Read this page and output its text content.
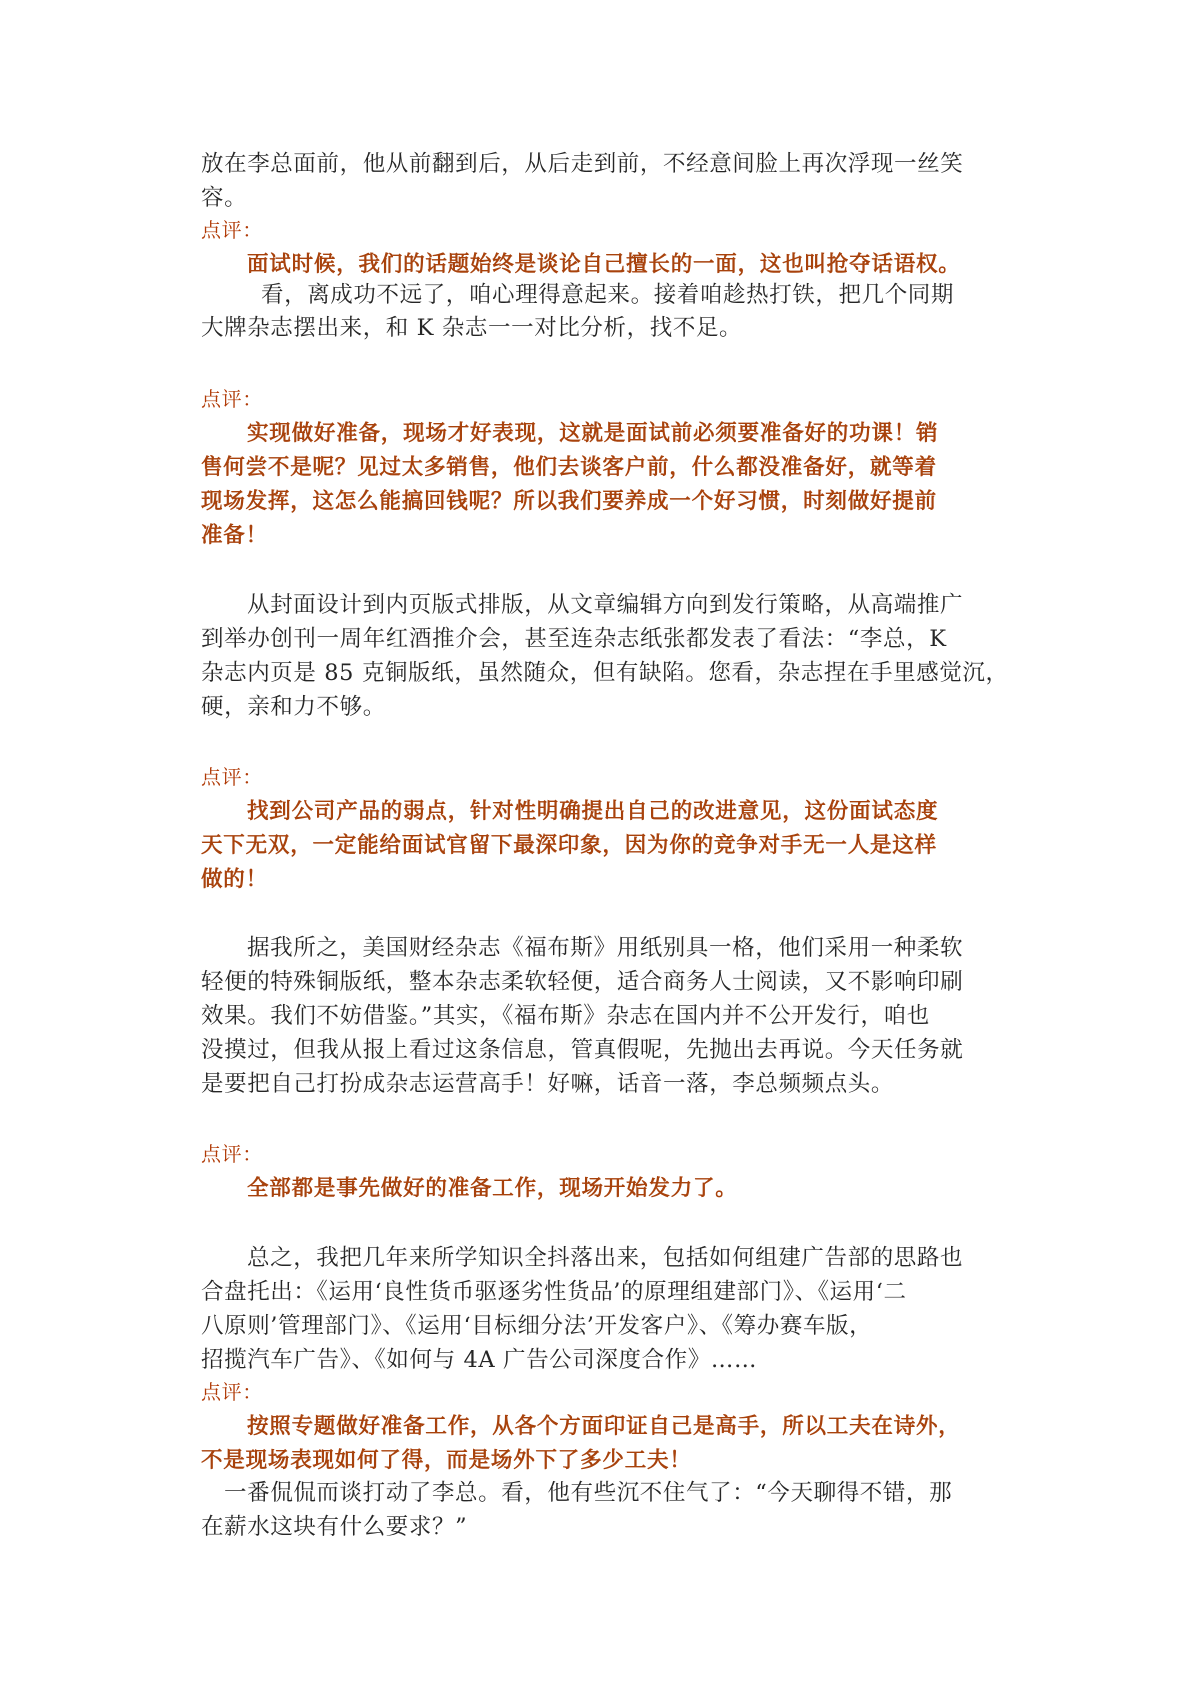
放在李总面前，他从前翻到后，从后走到前，不经意间脸上再次浮现一丝笑
容。
点评：
面试时候，我们的话题始终是谈论自己擅长的一面，这也叫抢夺话语权。
看，离成功不远了，咱心理得意起来。接着咱趁热打铁，把几个同期
大牌杂志摆出来，和 K 杂志一一对比分析，找不足。
点评：
实现做好准备，现场才好表现，这就是面试前必须要准备好的功课！销
售何尝不是呢？见过太多销售，他们去谈客户前，什么都没准备好，就等着
现场发挥，这怎么能搞回钱呢？所以我们要养成一个好习惯，时刻做好提前
准备！
从封面设计到内页版式排版，从文章编辑方向到发行策略，从高端推广
到举办创刊一周年红酒推介会，甚至连杂志纸张都发表了看法：“李总，K
杂志内页是 85 克铜版纸，虽然随众，但有缺陷。您看，杂志捏在手里感觉沉，
硬，亲和力不够。
点评：
找到公司产品的弱点，针对性明确提出自己的改进意见，这份面试态度
天下无双，一定能给面试官留下最深印象，因为你的竞争对手无一人是这样
做的！
据我所之，美国财经杂志《福布斯》用纸别具一格，他们采用一种柔软
轻便的特殊铜版纸，整本杂志柔软轻便，适合商务人士阅读，又不影响印刷
效果。我们不妨借鉴。”其实，《福布斯》杂志在国内并不公开发行，咱也
没摸过，但我从报上看过这条信息，管真假呢，先抛出去再说。今天任务就
是要把自己打扮成杂志运营高手！好嘛，话音一落，李总频频点头。
点评：
全部都是事先做好的准备工作，现场开始发力了。
总之，我把几年来所学知识全抖落出来，包括如何组建广告部的思路也
合盘托出：《运用‘良性货币驱逐劣性货品’的原理组建部门》、《运用‘二
八原则’管理部门》、《运用‘目标细分法’开发客户》、《筹办赛车版，
招揽汽车广告》、《如何与 4A 广告公司深度合作》……
点评：
按照专题做好准备工作，从各个方面印证自己是高手，所以工夫在诗外，
不是现场表现如何了得，而是场外下了多少工夫！
一番侃侃而谈打动了李总。看，他有些沉不住气了：“今天聊得不错，那
在薪水这块有什么要求？”
